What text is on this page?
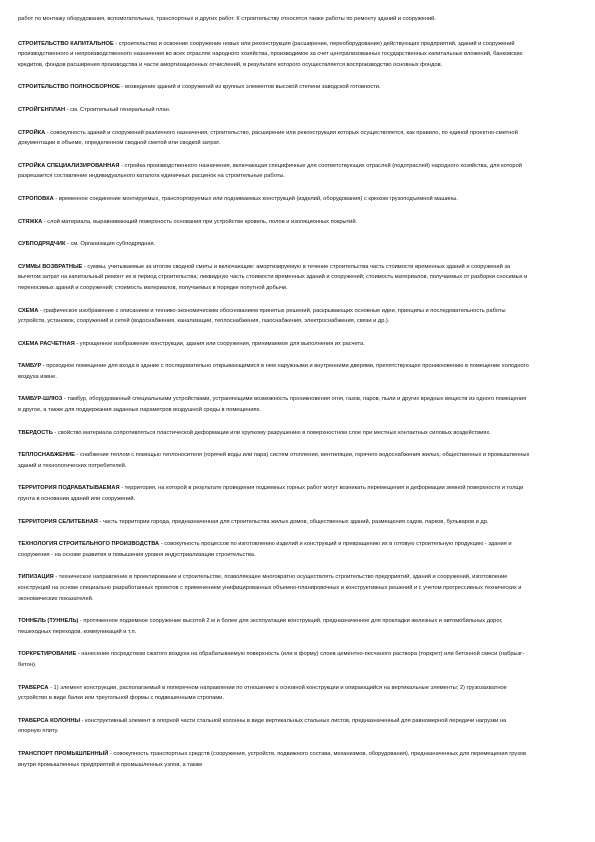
работ по монтажу оборудования, вспомогательных, транспортных и других работ. К строительству относятся также работы по ремонту зданий и сооружений.

СТРОИТЕЛЬСТВО КАПИТАЛЬНОЕ - строительство и освоение сооружение новых или реконструкция (расширение, переоборудование) действующих предприятий, зданий и сооружений производственного и непроизводственного назначения во всех отраслях народного хозяйства, производимое за счет централизованных государственных капитальных вложений, банковских кредитов, фондов расширения производства и части амортизационных отчислений, в результате которого осуществляется воспроизводство основных фондов.

СТРОИТЕЛЬСТВО ПОЛНОСБОРНОЕ - возведение зданий и сооружений из крупных элементов высокой степени заводской готовности.

СТРОЙГЕНПЛАН - см. Строительный генеральный план.

СТРОЙКА - совокупность зданий и сооружений различного назначения, строительство, расширение или реконструкция которых осуществляется, как правило, по единой проектно-сметной документации в объеме, определенном сводной сметой или сводкой затрат.

СТРОЙКА СПЕЦИАЛИЗИРОВАННАЯ - стройка производственного назначения, включающая специфичные для соответствующих отраслей (подотраслей) народного хозяйства, для которой разрешается составление индивидуального каталога единичных расценок на строительные работы.

СТРОПОВКА - временное соединение монтируемых, транспортируемых или поднимаемых конструкций (изделий, оборудования) с крюком грузоподъемной машины.

СТЯЖКА - слой материала, выравнивающий поверхность основания при устройстве кровель, полов и изоляционных покрытий.

СУБПОДРЯДЧИК - см. Организация субподрядная.

СУММЫ ВОЗВРАТНЫЕ - суммы, учитываемые за итогом сводной сметы и включающие: амортизируемую в течение строительства часть стоимости временных зданий и сооружений за вычетом затрат на капитальный ремонт их в период строительства; ликвидную часть стоимости временных зданий и сооружений; стоимость материалов, получаемых от разборки сносимых и переносимых зданий и сооружений; стоимость материалов, получаемых в порядке попутной добычи.

СХЕМА - графическое изображение с описанием и технико-экономическим обоснованием принятых решений, раскрывающих основные идеи, принципы и последовательность работы устройств, установок, сооружений и сетей (водоснабжения, канализации, теплоснабжения, газоснабжения, электроснабжения, связи и др.).

СХЕМА РАСЧЕТНАЯ - упрощенное изображение конструкции, здания или сооружения, принимаемое для выполнения их расчета.

ТАМБУР - проходное помещение для входа в здание с последовательно открывающимися в нем наружными и внутренними дверями, препятствующее проникновению в помещение холодного воздуха извне.

ТАМБУР-ШЛЮЗ - тамбур, оборудованный специальными устройствами, устраняющими возможность проникновения огня, газов, паров, пыли и других вредных веществ из одного помещения в другое, а также для поддержания заданных параметров воздушной среды в помещениях.

ТВЕРДОСТЬ - свойство материала сопротивляться пластической деформации или хрупкому разрушению в поверхностном слое при местных контактных силовых воздействиях.

ТЕПЛОСНАБЖЕНИЕ - снабжение теплом с помощью теплоносителя (горячей воды или пара) систем отопления, вентиляции, горячего водоснабжения жилых, общественных и промышленных зданий и технологических потребителей.

ТЕРРИТОРИЯ ПОДРАБАТЫВАЕМАЯ - территория, на которой в результате проведения подземных горных работ могут возникать перемещения и деформации земной поверхности и толщи грунта в основании зданий или сооружений.

ТЕРРИТОРИЯ СЕЛИТЕБНАЯ - часть территории города, предназначенная для строительства жилых домов, общественных зданий, размещения садов, парков, бульваров и др.

ТЕХНОЛОГИЯ СТРОИТЕЛЬНОГО ПРОИЗВОДСТВА - совокупность процессов по изготовлению изделий и конструкций и превращению их в готовую строительную продукцию - здания и сооружения - на основе развития и повышения уровня индустриализации строительства.

ТИПИЗАЦИЯ - техническое направление в проектировании и строительстве, позволяющее многократно осуществлять строительство предприятий, зданий и сооружений, изготовление конструкций на основе специально разработанных проектов с применением унифицированных объемно-планировочных и конструктивных решений и с учетом прогрессивных технических и экономических показателей.

ТОННЕЛЬ (ТУННЕЛЬ) - протяженное подземное сооружение высотой 2 м и более для эксплуатации конструкций, предназначенное для прокладки железных и автомобильных дорог, пешеходных переходов, коммуникаций и т.п.

ТОРКРЕТИРОВАНИЕ - нанесение посредством сжатого воздуха на обрабатываемую поверхность (или в форму) слоев цементно-песчаного раствора (торкрет) или бетонной смеси (набрызг-бетон).

ТРАВЕРСА - 1) элемент конструкции, располагаемый в поперечном направлении по отношению к основной конструкции и опирающийся на вертикальные элементы; 2) грузозахватное устройство в виде балки или треугольной формы с подвешенными стропами.

ТРАВЕРСА КОЛОННЫ - конструктивный элемент в опорной части стальной колонны в виде вертикальных стальных листов, предназначенный для равномерной передачи нагрузки на опорную плиту.

ТРАНСПОРТ ПРОМЫШЛЕННЫЙ - совокупность транспортных средств (сооружения, устройств, подвижного состава, механизмов, оборудования), предназначенных для перемещения грузов внутри промышленных предприятий и промышленных узлов, а также
